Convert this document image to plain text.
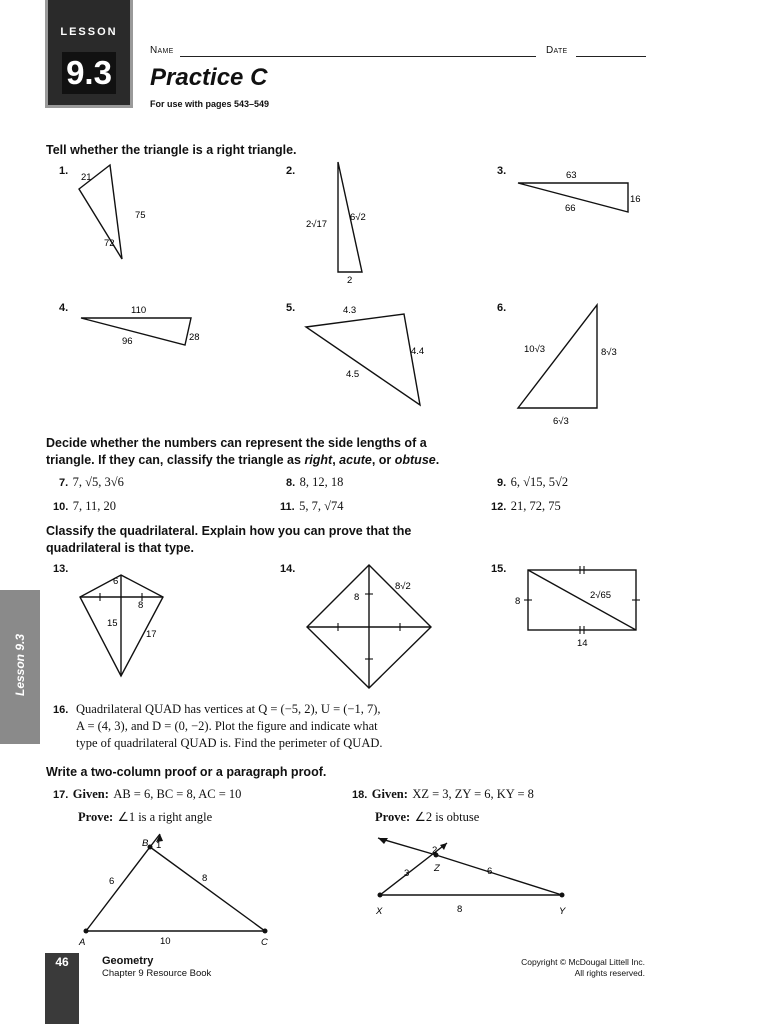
LESSON
9.3
Name	Date
Practice C
For use with pages 543–549
Tell whether the triangle is a right triangle.
1.	2.	3.
4.	5.	6.
21
75
72
2√17
6√2
2
63
16
66
110
96	28
4.3
4.4
4.5
10√3	8√3
6√3
6
8
15
17
8
8√2
8
2√65
14
B 1
A	C
6	8
10
2
Z
X	Y
3	6
8
Decide whether the numbers can represent the side lengths of a
triangle. If they can, classify the triangle as right, acute, or obtuse.
7. 7, √5, 3√6	8. 8, 12, 18	9. 6, √15, 5√2
10. 7, 11, 20	11. 5, 7, √74	12. 21, 72, 75
Classify the quadrilateral. Explain how you can prove that the
quadrilateral is that type.
13.	14.	15.
16. Quadrilateral QUAD has vertices at Q = (−5, 2), U = (−1, 7),
A = (4, 3), and D = (0, −2). Plot the figure and indicate what
type of quadrilateral QUAD is. Find the perimeter of QUAD.
Write a two-column proof or a paragraph proof.
17. Given: AB = 6, BC = 8, AC = 10
Prove: ∠1 is a right angle
18. Given: XZ = 3, ZY = 6, KY = 8
Prove: ∠2 is obtuse
Lesson 9.3
46	Geometry
Chapter 9 Resource Book
Copyright © McDougal Littell Inc.
All rights reserved.
